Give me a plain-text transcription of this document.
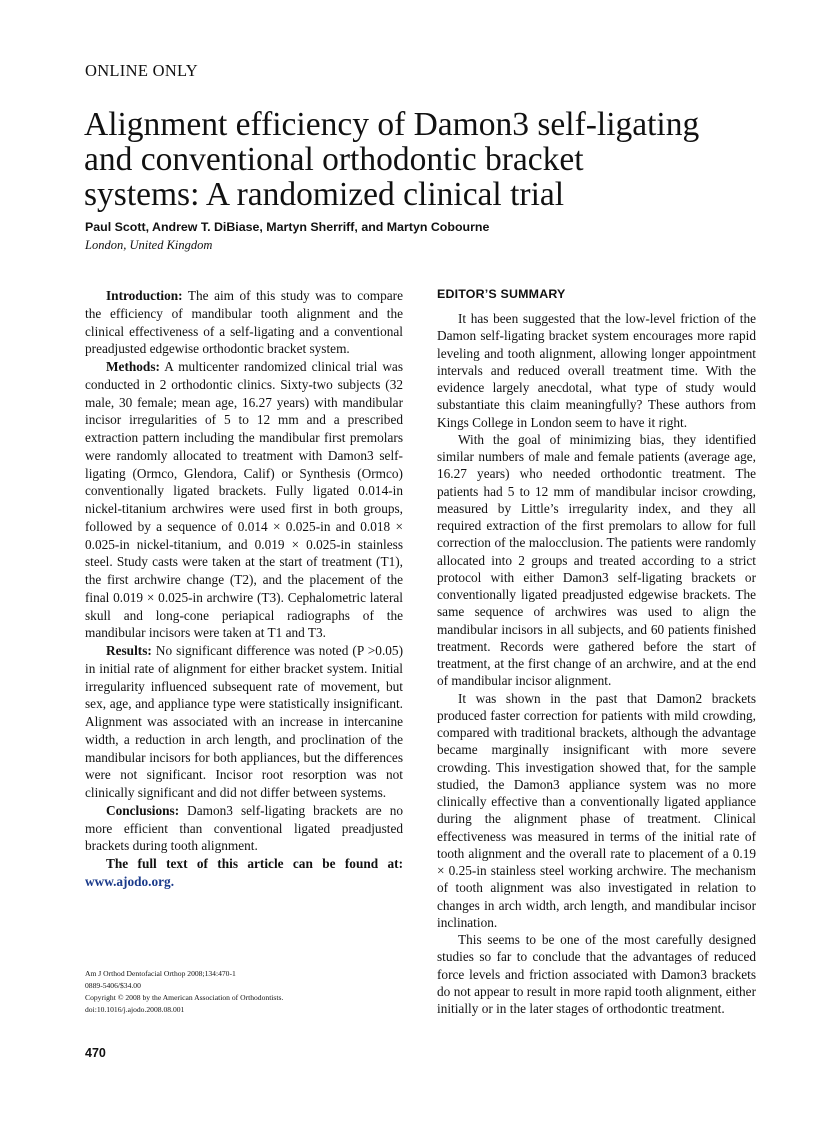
ONLINE ONLY
Alignment efficiency of Damon3 self-ligating
and conventional orthodontic bracket
systems: A randomized clinical trial
Paul Scott, Andrew T. DiBiase, Martyn Sherriff, and Martyn Cobourne
London, United Kingdom

Introduction: The aim of this study was to compare the efficiency of mandibular tooth alignment and the clinical effectiveness of a self-ligating and a conventional preadjusted edgewise orthodontic bracket system.

Methods: A multicenter randomized clinical trial was conducted in 2 orthodontic clinics. Sixty-two subjects (32 male, 30 female; mean age, 16.27 years) with mandibular incisor irregularities of 5 to 12 mm and a prescribed extraction pattern including the mandibular first premolars were randomly allocated to treatment with Damon3 self-ligating (Ormco, Glendora, Calif) or Synthesis (Ormco) conventionally ligated brackets. Fully ligated 0.014-in nickel-titanium archwires were used first in both groups, followed by a sequence of 0.014 × 0.025-in and 0.018 × 0.025-in nickel-titanium, and 0.019 × 0.025-in stainless steel. Study casts were taken at the start of treatment (T1), the first archwire change (T2), and the placement of the final 0.019 × 0.025-in archwire (T3). Cephalometric lateral skull and long-cone periapical radiographs of the mandibular incisors were taken at T1 and T3.

Results: No significant difference was noted (P >0.05) in initial rate of alignment for either bracket system. Initial irregularity influenced subsequent rate of movement, but sex, age, and appliance type were statistically insignificant. Alignment was associated with an increase in intercanine width, a reduction in arch length, and proclination of the mandibular incisors for both appliances, but the differences were not significant. Incisor root resorption was not clinically significant and did not differ between systems.

Conclusions: Damon3 self-ligating brackets are no more efficient than conventional ligated preadjusted brackets during tooth alignment.

The full text of this article can be found at: www.ajodo.org.

EDITOR’S SUMMARY

It has been suggested that the low-level friction of the Damon self-ligating bracket system encourages more rapid leveling and tooth alignment, allowing longer appointment intervals and reduced overall treatment time. With the evidence largely anecdotal, what type of study would substantiate this claim meaningfully? These authors from Kings College in London seem to have it right.

With the goal of minimizing bias, they identified similar numbers of male and female patients (average age, 16.27 years) who needed orthodontic treatment. The patients had 5 to 12 mm of mandibular incisor crowding, measured by Little’s irregularity index, and they all required extraction of the first premolars to allow for full correction of the malocclusion. The patients were randomly allocated into 2 groups and treated according to a strict protocol with either Damon3 self-ligating brackets or conventionally ligated preadjusted edgewise brackets. The same sequence of archwires was used to align the mandibular incisors in all subjects, and 60 patients finished treatment. Records were gathered before the start of treatment, at the first change of an archwire, and at the end of mandibular incisor alignment.

It was shown in the past that Damon2 brackets produced faster correction for patients with mild crowding, compared with traditional brackets, although the advantage became marginally insignificant with more severe crowding. This investigation showed that, for the sample studied, the Damon3 appliance system was no more clinically effective than a conventionally ligated appliance during the alignment phase of treatment. Clinical effectiveness was measured in terms of the initial rate of tooth alignment and the overall rate to placement of a 0.19 × 0.25-in stainless steel working archwire. The mechanism of tooth alignment was also investigated in relation to changes in arch width, arch length, and mandibular incisor inclination.

This seems to be one of the most carefully designed studies so far to conclude that the advantages of reduced force levels and friction associated with Damon3 brackets do not appear to result in more rapid tooth alignment, either initially or in the later stages of orthodontic treatment.

Am J Orthod Dentofacial Orthop 2008;134:470-1
0889-5406/$34.00
Copyright © 2008 by the American Association of Orthodontists.
doi:10.1016/j.ajodo.2008.08.001
470
